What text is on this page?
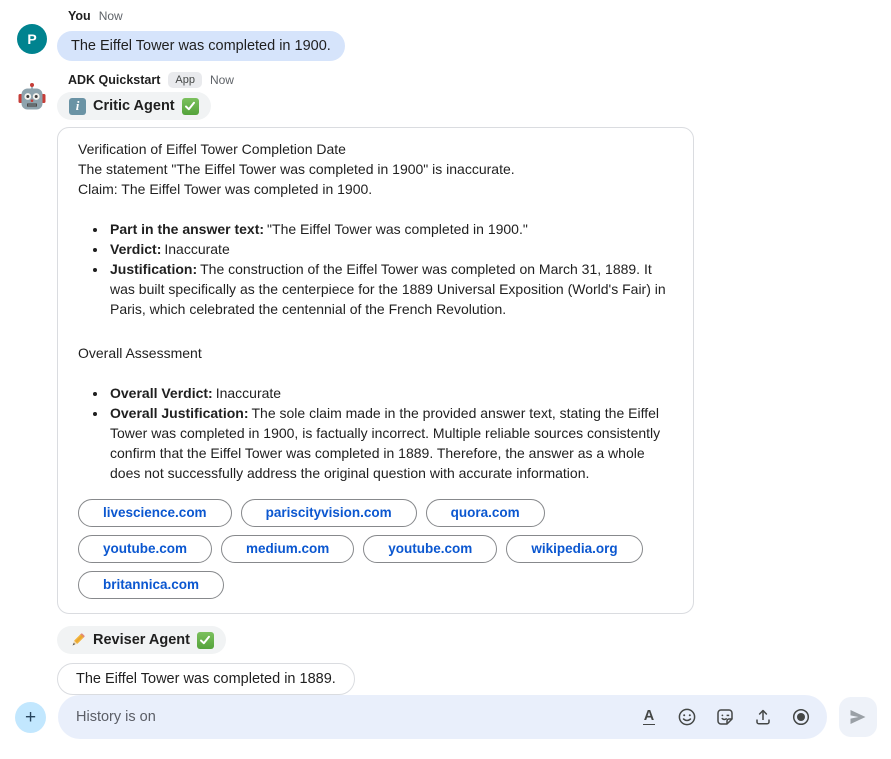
P
You Now
The Eiffel Tower was completed in 1900.
ADK Quickstart	App	Now
i Critic Agent
Verification of Eiffel Tower Completion Date
The statement "The Eiffel Tower was completed in 1900" is inaccurate.
Claim: The Eiffel Tower was completed in 1900.
• Part in the answer text: "The Eiffel Tower was completed in 1900."
• Verdict: Inaccurate
• Justification: The construction of the Eiffel Tower was completed on March 31, 1889. It was built specifically as the centerpiece for the 1889 Universal Exposition (World's Fair) in Paris, which celebrated the centennial of the French Revolution.
Overall Assessment
• Overall Verdict: Inaccurate
• Overall Justification: The sole claim made in the provided answer text, stating the Eiffel Tower was completed in 1900, is factually incorrect. Multiple reliable sources consistently confirm that the Eiffel Tower was completed in 1889. Therefore, the answer as a whole does not successfully address the original question with accurate information.
livescience.com	pariscityvision.com	quora.com
youtube.com	medium.com	youtube.com	wikipedia.org
britannica.com
Reviser Agent
The Eiffel Tower was completed in 1889.
+
History is on	A
